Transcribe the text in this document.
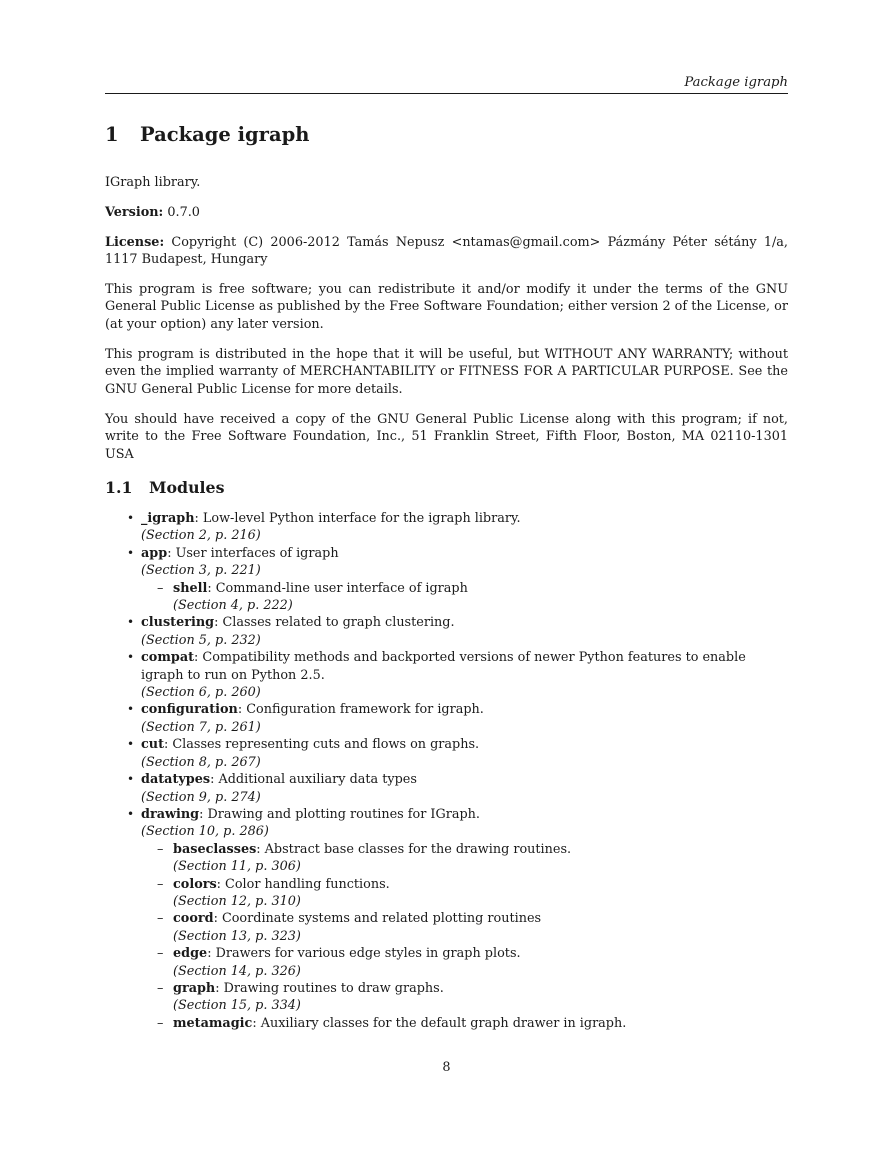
Package igraph
1 Package igraph

IGraph library.

Version: 0.7.0

License: Copyright (C) 2006-2012 Tamás Nepusz <ntamas@gmail.com> Pázmány Péter sétány 1/a, 1117 Budapest, Hungary

This program is free software; you can redistribute it and/or modify it under the terms of the GNU General Public License as published by the Free Software Foundation; either version 2 of the License, or (at your option) any later version.

This program is distributed in the hope that it will be useful, but WITHOUT ANY WARRANTY; without even the implied warranty of MERCHANTABILITY or FITNESS FOR A PARTICULAR PURPOSE. See the GNU General Public License for more details.

You should have received a copy of the GNU General Public License along with this program; if not, write to the Free Software Foundation, Inc., 51 Franklin Street, Fifth Floor, Boston, MA 02110-1301 USA

1.1 Modules
• _igraph: Low-level Python interface for the igraph library.
(Section 2, p. 216)
• app: User interfaces of igraph
(Section 3, p. 221)
– shell: Command-line user interface of igraph
(Section 4, p. 222)
• clustering: Classes related to graph clustering.
(Section 5, p. 232)
• compat: Compatibility methods and backported versions of newer Python features to enable igraph to run on Python 2.5.
(Section 6, p. 260)
• configuration: Configuration framework for igraph.
(Section 7, p. 261)
• cut: Classes representing cuts and flows on graphs.
(Section 8, p. 267)
• datatypes: Additional auxiliary data types
(Section 9, p. 274)
• drawing: Drawing and plotting routines for IGraph.
(Section 10, p. 286)
– baseclasses: Abstract base classes for the drawing routines.
(Section 11, p. 306)
– colors: Color handling functions.
(Section 12, p. 310)
– coord: Coordinate systems and related plotting routines
(Section 13, p. 323)
– edge: Drawers for various edge styles in graph plots.
(Section 14, p. 326)
– graph: Drawing routines to draw graphs.
(Section 15, p. 334)
– metamagic: Auxiliary classes for the default graph drawer in igraph.
8
